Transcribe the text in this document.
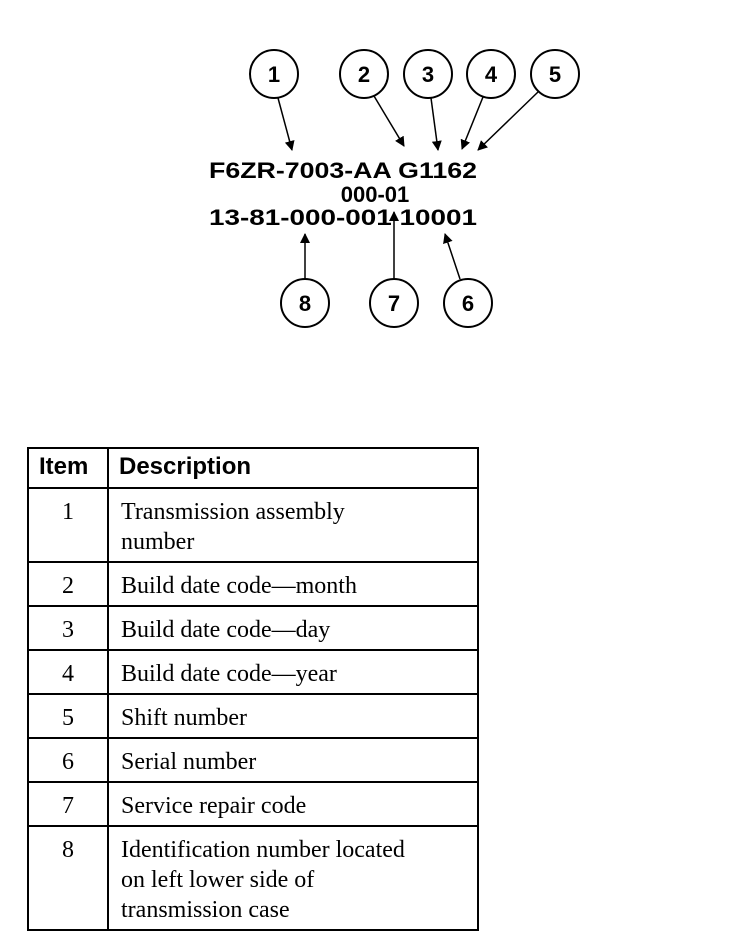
1	2 3 4 5
8	7	6
F6ZR-7003-AA G1162
000-01
13-81-000-001 10001
Item	Description
1	Transmission assembly
number
2	Build date code—month
3	Build date code—day
4	Build date code—year
5	Shift number
6	Serial number
7	Service repair code
8	Identification number located
on left lower side of
transmission case
